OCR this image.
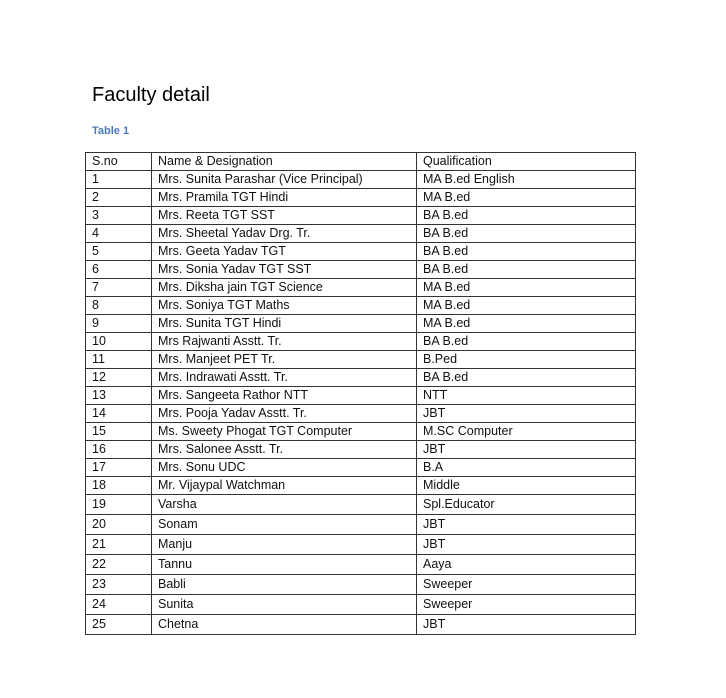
Faculty detail
Table 1
S.no	Name & Designation	Qualification
1	Mrs. Sunita Parashar (Vice Principal)	MA B.ed English
2	Mrs. Pramila TGT Hindi	MA B.ed
3	Mrs. Reeta TGT SST	BA B.ed
4	Mrs. Sheetal Yadav Drg. Tr.	BA B.ed
5	Mrs. Geeta Yadav TGT	BA B.ed
6	Mrs. Sonia Yadav TGT SST	BA B.ed
7	Mrs. Diksha jain TGT Science	MA B.ed
8	Mrs. Soniya TGT Maths	MA B.ed
9	Mrs. Sunita TGT Hindi	MA B.ed
10	Mrs Rajwanti Asstt. Tr.	BA B.ed
11	Mrs. Manjeet PET Tr.	B.Ped
12	Mrs. Indrawati Asstt. Tr.	BA B.ed
13	Mrs. Sangeeta Rathor NTT	NTT
14	Mrs. Pooja Yadav Asstt. Tr.	JBT
15	Ms. Sweety Phogat TGT Computer	M.SC Computer
16	Mrs. Salonee Asstt. Tr.	JBT
17	Mrs. Sonu UDC	B.A
18	Mr. Vijaypal Watchman	Middle
19	Varsha	Spl.Educator
20	Sonam	JBT
21	Manju	JBT
22	Tannu	Aaya
23	Babli	Sweeper
24	Sunita	Sweeper
25	Chetna	JBT
